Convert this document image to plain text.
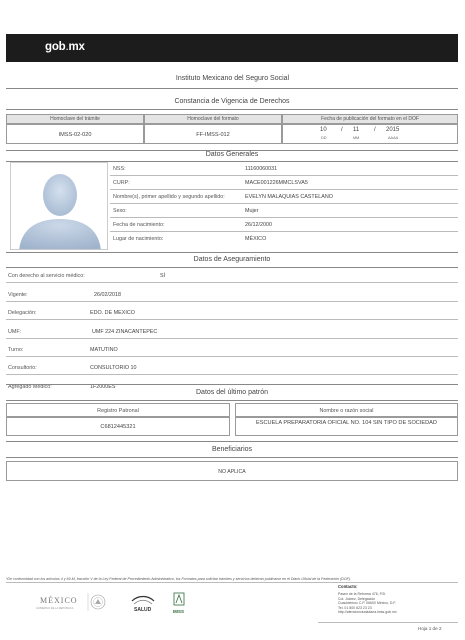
gob.mx
Instituto Mexicano del Seguro Social
Constancia de Vigencia de Derechos
Homoclave del trámite	Homoclave del formato	Fecha de publicación del formato en el DOF
IMSS-02-020	FF-IMSS-012
10 / 11 / 2015
DD	MM	AAAA
Datos Generales
NSS:	11160060031
CURP:	MACE001226MMCLSVA5
Nombre(s), primer apellido y segundo apellido:	EVELYN MALAQUIAS CASTELANO
Sexo:	Mujer
Fecha de nacimiento:	26/12/2000
Lugar de nacimiento:	MÉXICO
Datos de Aseguramiento
Con derecho al servicio médico:	SÍ
Vigente:	26/02/2018
Delegación:	EDO. DE MEXICO
UMF:	UMF 224 ZINACANTEPEC
Turno:	MATUTINO
Consultorio:	CONSULTORIO 10
Agregado Médico:	1F2000ES
Datos del último patrón
Registro Patronal	Nombre o razón social
C6812445321
ESCUELA PREPARATORIA OFICIAL NO. 104 SIN TIPO DE SOCIEDAD
Beneficiarios
NO APLICA
*De conformidad con los artículos 4 y 69-M, fracción V de la Ley Federal de Procedimiento Administrativo, los Formatos para solicitar trámites y servicios deberán publicarse en el Diario Oficial de la Federación (DOF).
MÉXICO
GOBIERNO DE LA REPÚBLICA	SALUD	IMSS
Contacto:
Paseo de la Reforma 476, P.B.
Col. Juárez, Delegación
Cuauhtémoc C.P. 06600 México, D.F.
Tel. 01 800 623 23 23
http://atencionciudadana.imss.gob.mx
Hoja 1 de 2
